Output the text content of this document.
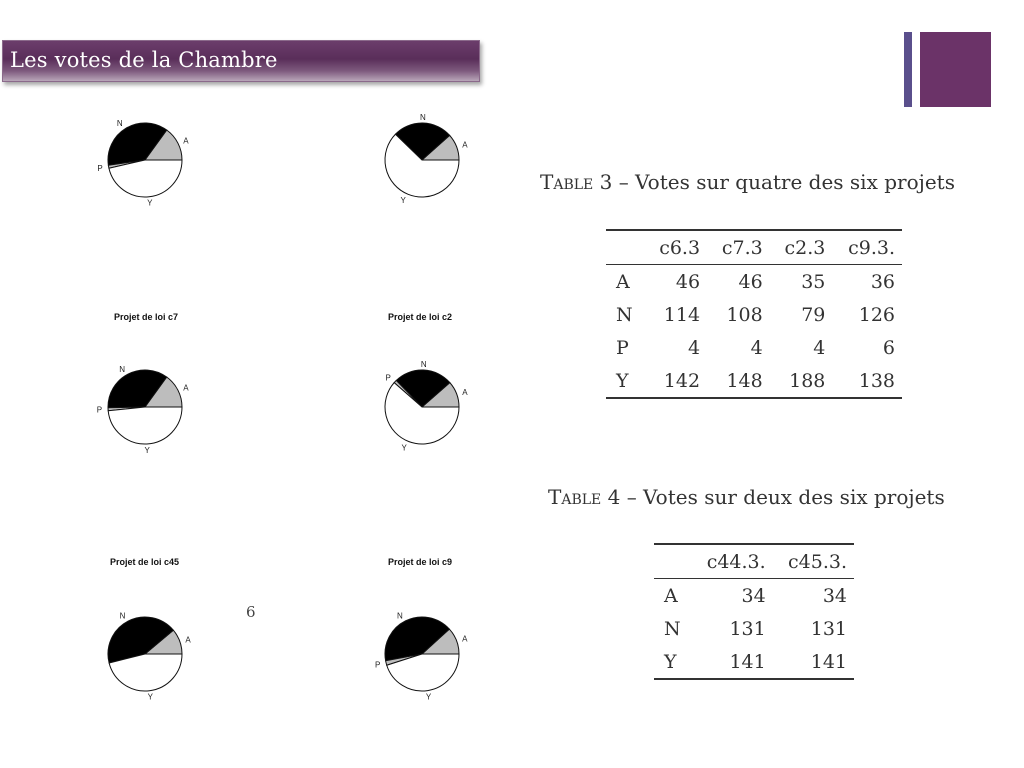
Les votes de la Chambre
Projet de loi c7	Projet de loi c2
Projet de loi c45	Projet de loi c9
A
N
P
Y
A
N
Y
A
N
P
Y
A
N
P
Y
A
N
Y
A
N
P
Y
6
Table 3 – Votes sur quatre des six projets
	c6.3	c7.3	c2.3	c9.3.
A	46	46	35	36
N	114	108	79	126
P	4	4	4	6
Y	142	148	188	138
Table 4 – Votes sur deux des six projets
	c44.3.	c45.3.
A	34	34
N	131	131
Y	141	141
